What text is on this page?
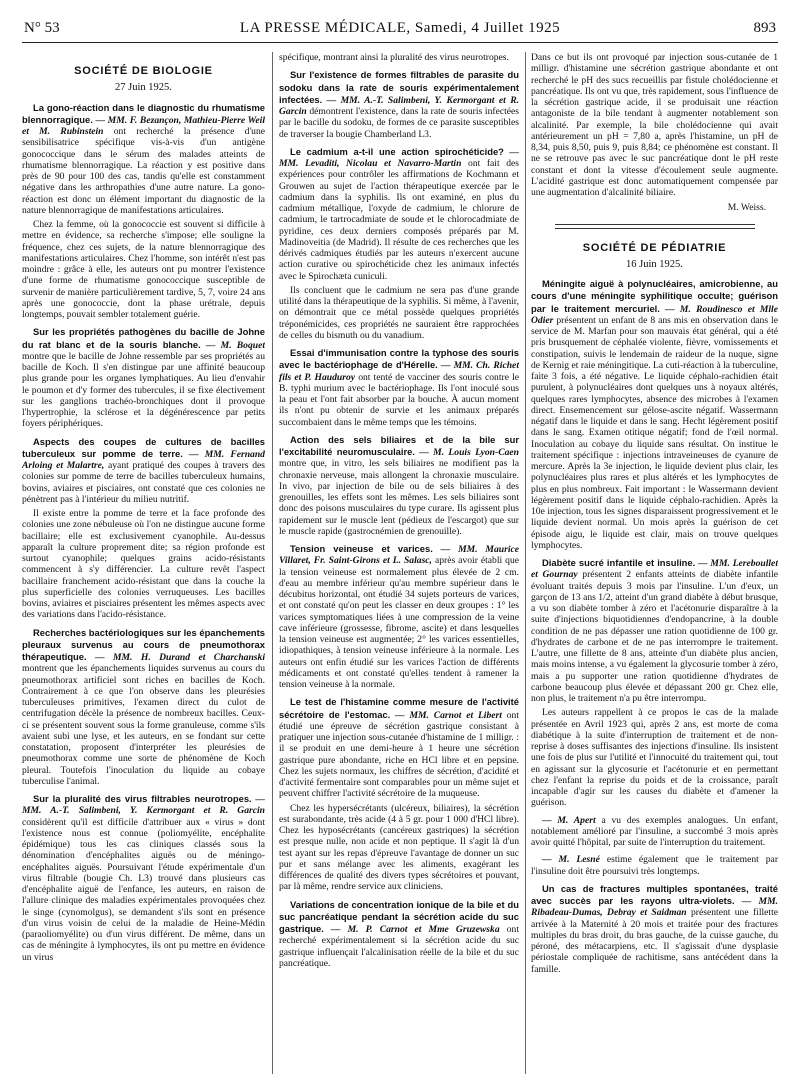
N° 53	LA PRESSE MÉDICALE, Samedi, 4 Juillet 1925	893
SOCIÉTÉ DE BIOLOGIE
27 Juin 1925.

La gono-réaction dans le diagnostic du rhumatisme blennorragique. — MM. F. Bezançon, Mathieu-Pierre Weil et M. Rubinstein ont recherché la présence d'une sensibilisatrice spécifique vis-à-vis d'un antigène gonococcique dans le sérum des malades atteints de rhumatisme blennorragique. La réaction y est positive dans près de 90 pour 100 des cas, tandis qu'elle est constamment négative dans les arthropathies d'une autre nature. La gono-réaction est donc un élément important du diagnostic de la nature blennorragique de manifestations articulaires.

Chez la femme, où la gonococcie est souvent si difficile à mettre en évidence, sa recherche s'impose; elle souligne la fréquence, chez ces sujets, de la nature blennorragique des manifestations articulaires. Chez l'homme, son intérêt n'est pas moindre : grâce à elle, les auteurs ont pu montrer l'existence d'une forme de rhumatisme gonococcique susceptible de survenir de manière particulièrement tardive, 5, 7, voire 24 ans après une gonococcie, dont la phase urétrale, depuis longtemps, pouvait sembler totalement guérie.

Sur les propriétés pathogènes du bacille de Johne du rat blanc et de la souris blanche. — M. Boquet montre que le bacille de Johne ressemble par ses propriétés au bacille de Koch. Il s'en distingue par une affinité beaucoup plus grande pour les organes lymphatiques. Au lieu d'envahir le poumon et d'y former des tubercules, il se fixe électivement sur les ganglions trachéo-bronchiques dont il provoque l'hypertrophie, la sclérose et la dégénérescence par petits foyers périphériques.

Aspects des coupes de cultures de bacilles tuberculeux sur pomme de terre. — MM. Fernand Arloing et Malartre, ayant pratiqué des coupes à travers des colonies sur pomme de terre de bacilles tuberculeux humains, bovins, aviaires et pisciaires, ont constaté que ces colonies ne pénètrent pas à l'intérieur du milieu nutritif.

Il existe entre la pomme de terre et la face profonde des colonies une zone nébuleuse où l'on ne distingue aucune forme bacillaire; elle est exclusivement cyanophile. Au-dessus apparaît la culture proprement dite; sa région profonde est surtout cyanophile; quelques grains acido-résistants commencent à s'y différencier. La culture revêt l'aspect bacillaire franchement acido-résistant que dans la couche la plus superficielle des colonies verruqueuses. Les bacilles bovins, aviaires et pisciaires présentent les mêmes aspects avec des variations dans l'acido-résistance.

Recherches bactériologiques sur les épanchements pleuraux survenus au cours de pneumothorax thérapeutique. — MM. H. Durand et Charchanski montrent que les épanchements liquides survenus au cours du pneumothorax artificiel sont riches en bacilles de Koch. Contrairement à ce que l'on observe dans les pleurésies tuberculeuses primitives, l'examen direct du culot de centrifugation décèle la présence de nombreux bacilles. Ceux-ci se présentent souvent sous la forme granuleuse, comme s'ils avaient subi une lyse, et les auteurs, en se fondant sur cette constatation, proposent d'interpréter les pleurésies de pneumothorax comme une sorte de phénomène de Koch pleural. Toutefois l'inoculation du liquide au cobaye tuberculise l'animal.

Sur la pluralité des virus filtrables neurotropes. — MM. A.-T. Salimbeni, Y. Kermorgant et R. Garcin considèrent qu'il est difficile d'attribuer aux « virus » dont l'existence nous est connue (poliomyélite, encéphalite épidémique) tous les cas cliniques classés sous la dénomination d'encéphalites aiguës ou de méningo-encéphalites aiguës. Poursuivant l'étude expérimentale d'un virus filtrable (bougie Ch. L3) trouvé dans plusieurs cas d'encéphalite aiguë de l'enfance, les auteurs, en raison de l'allure clinique des maladies expérimentales provoquées chez le singe (cynomolgus), se demandent s'ils sont en présence d'un virus voisin de celui de la maladie de Heine-Médin (paraoliomyélite) ou d'un virus différent. De même, dans un cas de méningite à lymphocytes, ils ont pu mettre en évidence un virus

spécifique, montrant ainsi la pluralité des virus neurotropes.

Sur l'existence de formes filtrables de parasite du sodoku dans la rate de souris expérimentalement infectées. — MM. A.-T. Salimbeni, Y. Kermorgant et R. Garcin démontrent l'existence, dans la rate de souris infectées par le bacille du sodoku, de formes de ce parasite susceptibles de traverser la bougie Chamberland L3.

Le cadmium a-t-il une action spirochéticide? — MM. Levaditi, Nicolau et Navarro-Martin ont fait des expériences pour contrôler les affirmations de Kochmann et Grouwen au sujet de l'action thérapeutique exercée par le cadmium dans la syphilis. Ils ont examiné, en plus du cadmium métallique, l'oxyde de cadmium, le chlorure de cadmium, le tartrocadmiate de soude et le chlorocadmiate de pyridine, ces deux derniers composés préparés par M. Madinoveitia (de Madrid). Il résulte de ces recherches que les dérivés cadmiques étudiés par les auteurs n'exercent aucune action curative ou spirochéticide chez les animaux infectés avec le Spirochæta cuniculi.

Ils concluent que le cadmium ne sera pas d'une grande utilité dans la thérapeutique de la syphilis. Si même, à l'avenir, on démontrait que ce métal possède quelques propriétés tréponémicides, ces propriétés ne sauraient être rapprochées de celles du bismuth ou du vanadium.

Essai d'immunisation contre la typhose des souris avec le bactériophage de d'Hérelle. — MM. Ch. Richet fils et P. Hauduroy ont tenté de vacciner des souris contre le B. typhi murium avec le bactériophage. Ils l'ont inoculé sous la peau et l'ont fait absorber par la bouche. À aucun moment ils n'ont pu obtenir de survie et les animaux préparés succombaient dans le même temps que les témoins.

Action des sels biliaires et de la bile sur l'excitabilité neuromusculaire. — M. Louis Lyon-Caen montre que, in vitro, les sels biliaires ne modifient pas la chronaxie nerveuse, mais allongent la chronaxie musculaire. In vivo, par injection de bile ou de sels biliaires à des grenouilles, les effets sont les mêmes. Les sels biliaires sont donc des poisons musculaires du type curare. Ils agissent plus rapidement sur le muscle lent (pédieux de l'escargot) que sur le muscle rapide (gastrocnémien de grenouille).

Tension veineuse et varices. — MM. Maurice Villaret, Fr. Saint-Girons et L. Salasc, après avoir établi que la tension veineuse est normalement plus élevée de 2 cm. d'eau au membre inférieur qu'au membre supérieur dans le décubitus horizontal, ont étudié 34 sujets porteurs de varices, et ont constaté qu'on peut les classer en deux groupes : 1° les varices symptomatiques liées à une compression de la veine cave inférieure (grossesse, fibrome, ascite) et dans lesquelles la tension veineuse est augmentée; 2° les varices essentielles, idiopathiques, à tension veineuse inférieure à la normale. Les auteurs ont enfin étudié sur les varices l'action de différents médicaments et ont constaté qu'elles tendent à ramener la tension veineuse à la normale.

Le test de l'histamine comme mesure de l'activité sécrétoire de l'estomac. — MM. Carnot et Libert ont étudié une épreuve de sécrétion gastrique consistant à pratiquer une injection sous-cutanée d'histamine de 1 milligr. : il se produit en une demi-heure à 1 heure une sécrétion gastrique pure abondante, riche en HCl libre et en pepsine. Chez les sujets normaux, les chiffres de sécrétion, d'acidité et d'activité fermentaire sont comparables pour un même sujet et peuvent chiffrer l'activité sécrétoire de la muqueuse.

Chez les hypersécrétants (ulcéreux, biliaires), la sécrétion est surabondante, très acide (4 à 5 gr. pour 1 000 d'HCl libre). Chez les hyposécrétants (cancéreux gastriques) la sécrétion est presque nulle, non acide et non peptique. Il s'agit là d'un test ayant sur les repas d'épreuve l'avantage de donner un suc pur et sans mélange avec les aliments, exagérant les différences de qualité des divers types sécrétoires et pouvant, par là même, rendre service aux cliniciens.

Variations de concentration ionique de la bile et du suc pancréatique pendant la sécrétion acide du suc gastrique. — M. P. Carnot et Mme Gruzewska ont recherché expérimentalement si la sécrétion acide du suc gastrique influençait l'alcalinisation réelle de la bile et du suc pancréatique.

Dans ce but ils ont provoqué par injection sous-cutanée de 1 milligr. d'histamine une sécrétion gastrique abondante et ont recherché le pH des sucs recueillis par fistule cholédocienne et pancréatique. Ils ont vu que, très rapidement, sous l'influence de la sécrétion gastrique acide, il se produisait une réaction antagoniste de la bile tendant à augmenter notablement son alcalinité. Par exemple, la bile cholédocienne qui avait antérieurement un pH = 7,80 a, après l'histamine, un pH de 8,34, puis 8,50, puis 9, puis 8,84; ce phénomène est constant. Il ne se retrouve pas avec le suc pancréatique dont le pH reste constant et dont la vitesse d'écoulement seule augmente. L'acidité gastrique est donc automatiquement compensée par une augmentation d'alcalinité biliaire.

M. Weiss.

SOCIÉTÉ DE PÉDIATRIE
16 Juin 1925.

Méningite aiguë à polynucléaires, amicrobienne, au cours d'une méningite syphilitique occulte; guérison par le traitement mercuriel. — M. Roudinesco et Mlle Odier présentent un enfant de 8 ans mis en observation dans le service de M. Marfan pour son mauvais état général, qui a été pris brusquement de céphalée violente, fièvre, vomissements et constipation, suivis le lendemain de raideur de la nuque, signe de Kernig et raie méningitique. La cuti-réaction à la tuberculine, faite 3 fois, a été négative. Le liquide céphalo-rachidien était purulent, à polynucléaires dont quelques uns à noyaux altérés, quelques rares lymphocytes, absence des microbes à l'examen direct. Ensemencement sur gélose-ascite négatif. Wassermann négatif dans le liquide et dans le sang. Hecht légèrement positif dans le sang. Examen otitique négatif; fond de l'œil normal. Inoculation au cobaye du liquide sans résultat. On institue le traitement spécifique : injections intraveineuses de cyanure de mercure. Après la 3e injection, le liquide devient plus clair, les polynucléaires plus rares et plus altérés et les lymphocytes de plus en plus nombreux. Fait important : le Wassermann devient légèrement positif dans le liquide céphalo-rachidien. Après la 10e injection, tous les signes disparaissent progressivement et le liquide devient normal. Un mois après la guérison de cet épisode aigu, le liquide est clair, mais on trouve quelques lymphocytes.

Diabète sucré infantile et insuline. — MM. Lereboullet et Gournay présentent 2 enfants atteints de diabète infantile évoluant traités depuis 3 mois par l'insuline. L'un d'eux, un garçon de 13 ans 1/2, atteint d'un grand diabète à début brusque, a vu son diabète tomber à zéro et l'acétonurie disparaître à la suite d'injections biquotidiennes d'endopancrine, à la double condition de ne pas dépasser une ration quotidienne de 100 gr. d'hydrates de carbone et de ne pas interrompre le traitement. L'autre, une fillette de 8 ans, atteinte d'un diabète plus ancien, mais moins intense, a vu également la glycosurie tomber à zéro, mais a pu supporter une ration quotidienne d'hydrates de carbone beaucoup plus élevée et dépassant 200 gr. Chez elle, non plus, le traitement n'a pu être interrompu.

Les auteurs rappellent à ce propos le cas de la malade présentée en Avril 1923 qui, après 2 ans, est morte de coma diabétique à la suite d'interruption de traitement et de non-reprise à doses suffisantes des injections d'insuline. Ils insistent une fois de plus sur l'utilité et l'innocuité du traitement qui, tout en agissant sur la glycosurie et l'acétonurie et en permettant chez l'enfant la reprise du poids et de la croissance, paraît incapable d'agir sur les causes du diabète et d'amener la guérison.

— M. Apert a vu des exemples analogues. Un enfant, notablement amélioré par l'insuline, a succombé 3 mois après avoir quitté l'hôpital, par suite de l'interruption du traitement.

— M. Lesné estime également que le traitement par l'insuline doit être poursuivi très longtemps.

Un cas de fractures multiples spontanées, traité avec succès par les rayons ultra-violets. — MM. Ribadeau-Dumas, Debray et Saidman présentent une fillette arrivée à la Maternité à 20 mois et traitée pour des fractures multiples du bras droit, du bras gauche, de la cuisse gauche, du péroné, des métacarpiens, etc. Il s'agissait d'une dysplasie périostale compliquée de rachitisme, sans antécédent dans la famille.
